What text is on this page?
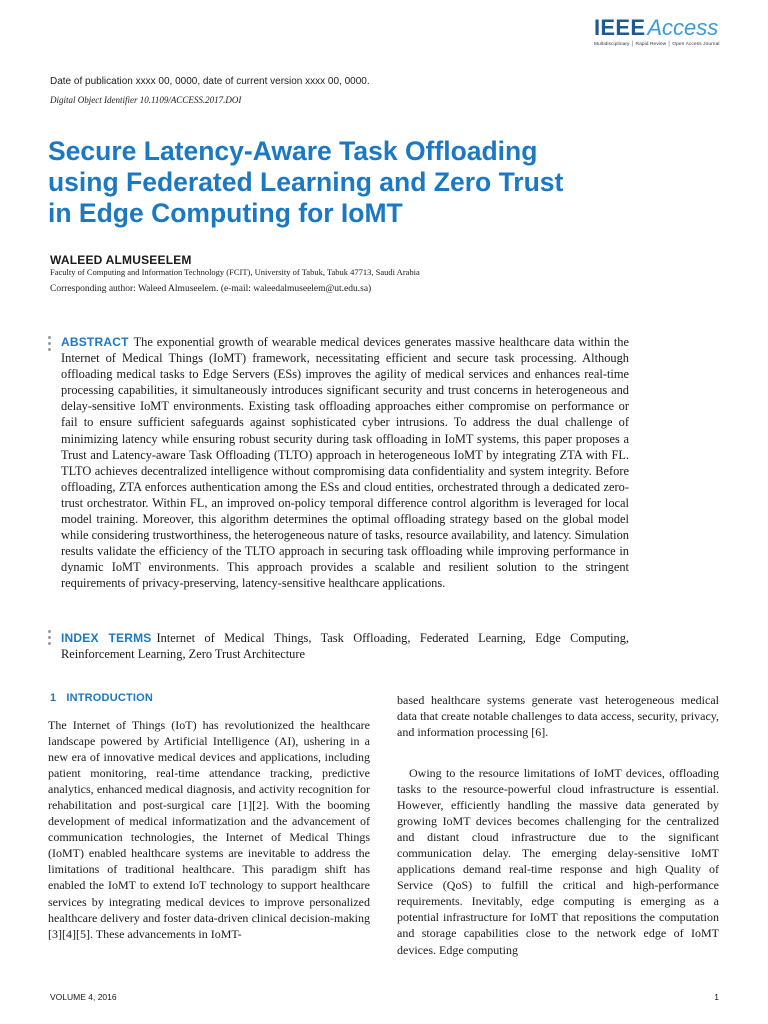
IEEEAccess
Multidisciplinary │ Rapid Review │ Open Access Journal
Date of publication xxxx 00, 0000, date of current version xxxx 00, 0000.
Digital Object Identifier 10.1109/ACCESS.2017.DOI
Secure Latency-Aware Task Offloading
using Federated Learning and Zero Trust
in Edge Computing for IoMT
WALEED ALMUSEELEM
Faculty of Computing and Information Technology (FCIT), University of Tabuk, Tabuk 47713, Saudi Arabia
Corresponding author: Waleed Almuseelem. (e-mail: waleedalmuseelem@ut.edu.sa)

ABSTRACT The exponential growth of wearable medical devices generates massive healthcare data within the Internet of Medical Things (IoMT) framework, necessitating efficient and secure task processing. Although offloading medical tasks to Edge Servers (ESs) improves the agility of medical services and enhances real-time processing capabilities, it simultaneously introduces significant security and trust concerns in heterogeneous and delay-sensitive IoMT environments. Existing task offloading approaches either compromise on performance or fail to ensure sufficient safeguards against sophisticated cyber intrusions. To address the dual challenge of minimizing latency while ensuring robust security during task offloading in IoMT systems, this paper proposes a Trust and Latency-aware Task Offloading (TLTO) approach in heterogeneous IoMT by integrating ZTA with FL. TLTO achieves decentralized intelligence without compromising data confidentiality and system integrity. Before offloading, ZTA enforces authentication among the ESs and cloud entities, orchestrated through a dedicated zero-trust orchestrator. Within FL, an improved on-policy temporal difference control algorithm is leveraged for local model training. Moreover, this algorithm determines the optimal offloading strategy based on the global model while considering trustworthiness, the heterogeneous nature of tasks, resource availability, and latency. Simulation results validate the efficiency of the TLTO approach in securing task offloading while improving performance in dynamic IoMT environments. This approach provides a scalable and resilient solution to the stringent requirements of privacy-preserving, latency-sensitive healthcare applications.

INDEX TERMS Internet of Medical Things, Task Offloading, Federated Learning, Edge Computing, Reinforcement Learning, Zero Trust Architecture

1 INTRODUCTION

The Internet of Things (IoT) has revolutionized the healthcare landscape powered by Artificial Intelligence (AI), ushering in a new era of innovative medical devices and applications, including patient monitoring, real-time attendance tracking, predictive analytics, enhanced medical diagnosis, and activity recognition for rehabilitation and post-surgical care [1][2]. With the booming development of medical informatization and the advancement of communication technologies, the Internet of Medical Things (IoMT) enabled healthcare systems are inevitable to address the limitations of traditional healthcare. This paradigm shift has enabled the IoMT to extend IoT technology to support healthcare services by integrating medical devices to improve personalized healthcare delivery and foster data-driven clinical decision-making [3][4][5]. These advancements in IoMT-

based healthcare systems generate vast heterogeneous medical data that create notable challenges to data access, security, privacy, and information processing [6].

Owing to the resource limitations of IoMT devices, offloading tasks to the resource-powerful cloud infrastructure is essential. However, efficiently handling the massive data generated by growing IoMT devices becomes challenging for the centralized and distant cloud infrastructure due to the significant communication delay. The emerging delay-sensitive IoMT applications demand real-time response and high Quality of Service (QoS) to fulfill the critical and high-performance requirements. Inevitably, edge computing is emerging as a potential infrastructure for IoMT that repositions the computation and storage capabilities close to the network edge of IoMT devices. Edge computing

VOLUME 4, 2016	1
